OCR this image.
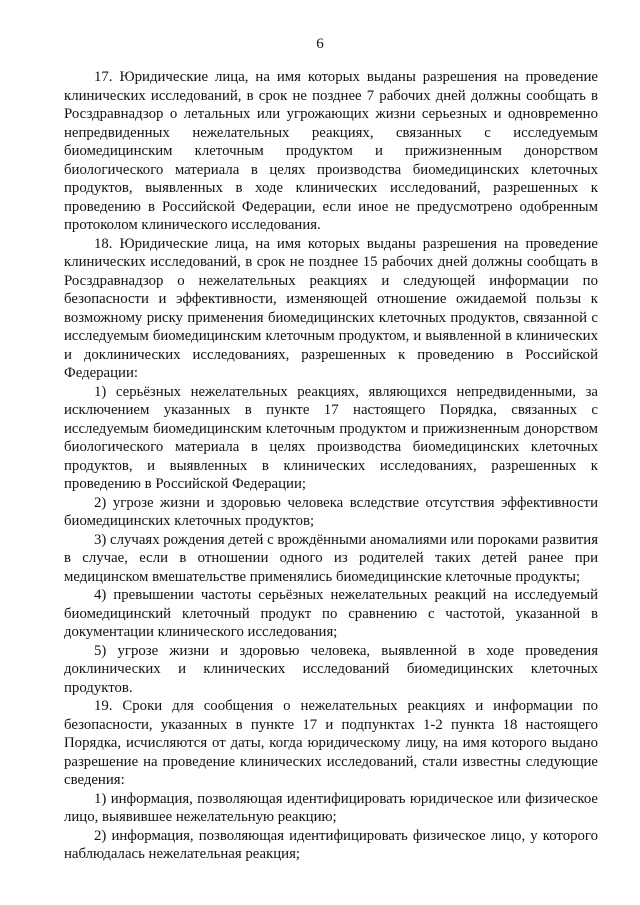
6

17. Юридические лица, на имя которых выданы разрешения на проведение клинических исследований, в срок не позднее 7 рабочих дней должны сообщать в Росздравнадзор о летальных или угрожающих жизни серьезных и одновременно непредвиденных нежелательных реакциях, связанных с исследуемым биомедицинским клеточным продуктом и прижизненным донорством биологического материала в целях производства биомедицинских клеточных продуктов, выявленных в ходе клинических исследований, разрешенных к проведению в Российской Федерации, если иное не предусмотрено одобренным протоколом клинического исследования.

18. Юридические лица, на имя которых выданы разрешения на проведение клинических исследований, в срок не позднее 15 рабочих дней должны сообщать в Росздравнадзор о нежелательных реакциях и следующей информации по безопасности и эффективности, изменяющей отношение ожидаемой пользы к возможному риску применения биомедицинских клеточных продуктов, связанной с исследуемым биомедицинским клеточным продуктом, и выявленной в клинических и доклинических исследованиях, разрешенных к проведению в Российской Федерации:

1) серьёзных нежелательных реакциях, являющихся непредвиденными, за исключением указанных в пункте 17 настоящего Порядка, связанных с исследуемым биомедицинским клеточным продуктом и прижизненным донорством биологического материала в целях производства биомедицинских клеточных продуктов, и выявленных в клинических исследованиях, разрешенных к проведению в Российской Федерации;

2) угрозе жизни и здоровью человека вследствие отсутствия эффективности биомедицинских клеточных продуктов;

3) случаях рождения детей с врождёнными аномалиями или пороками развития в случае, если в отношении одного из родителей таких детей ранее при медицинском вмешательстве применялись биомедицинские клеточные продукты;

4) превышении частоты серьёзных нежелательных реакций на исследуемый биомедицинский клеточный продукт по сравнению с частотой, указанной в документации клинического исследования;

5) угрозе жизни и здоровью человека, выявленной в ходе проведения доклинических и клинических исследований биомедицинских клеточных продуктов.

19. Сроки для сообщения о нежелательных реакциях и информации по безопасности, указанных в пункте 17 и подпунктах 1-2 пункта 18 настоящего Порядка, исчисляются от даты, когда юридическому лицу, на имя которого выдано разрешение на проведение клинических исследований, стали известны следующие сведения:

1) информация, позволяющая идентифицировать юридическое или физическое лицо, выявившее нежелательную реакцию;

2) информация, позволяющая идентифицировать физическое лицо, у которого наблюдалась нежелательная реакция;
